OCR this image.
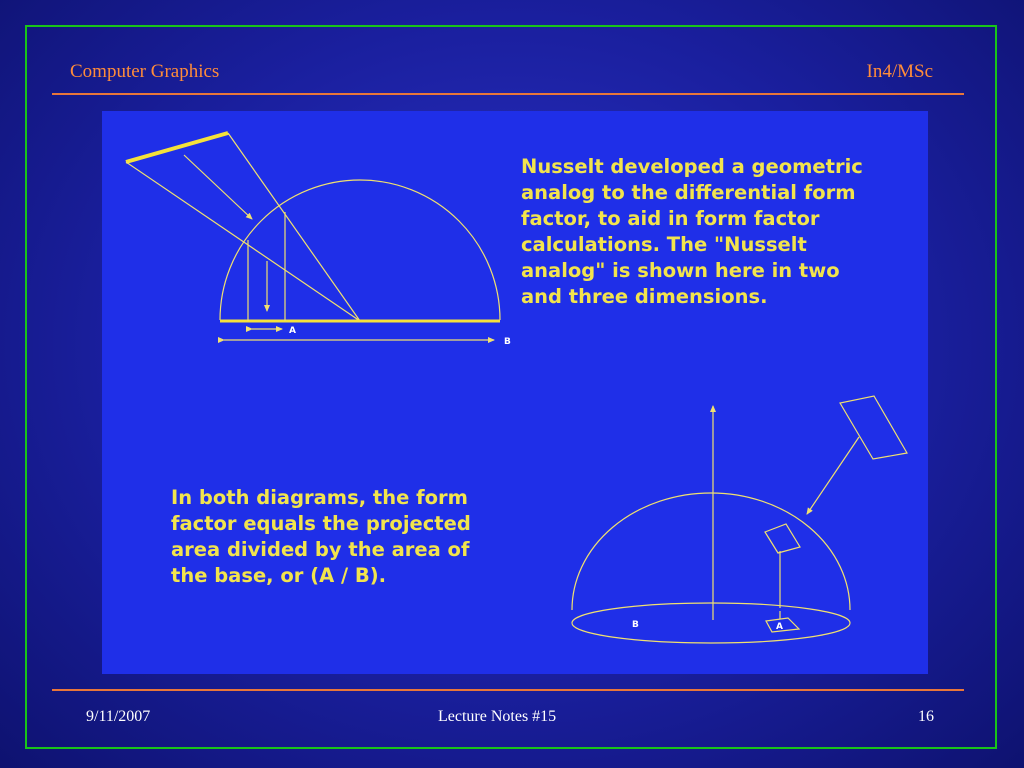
Computer Graphics	In4/MSc
A
B
A
B
Nusselt developed a geometric
analog to the differential form
factor, to aid in form factor
calculations. The "Nusselt
analog" is shown here in two
and three dimensions.
In both diagrams, the form
factor equals the projected
area divided by the area of
the base, or (A / B).
9/11/2007	Lecture Notes #15	16
